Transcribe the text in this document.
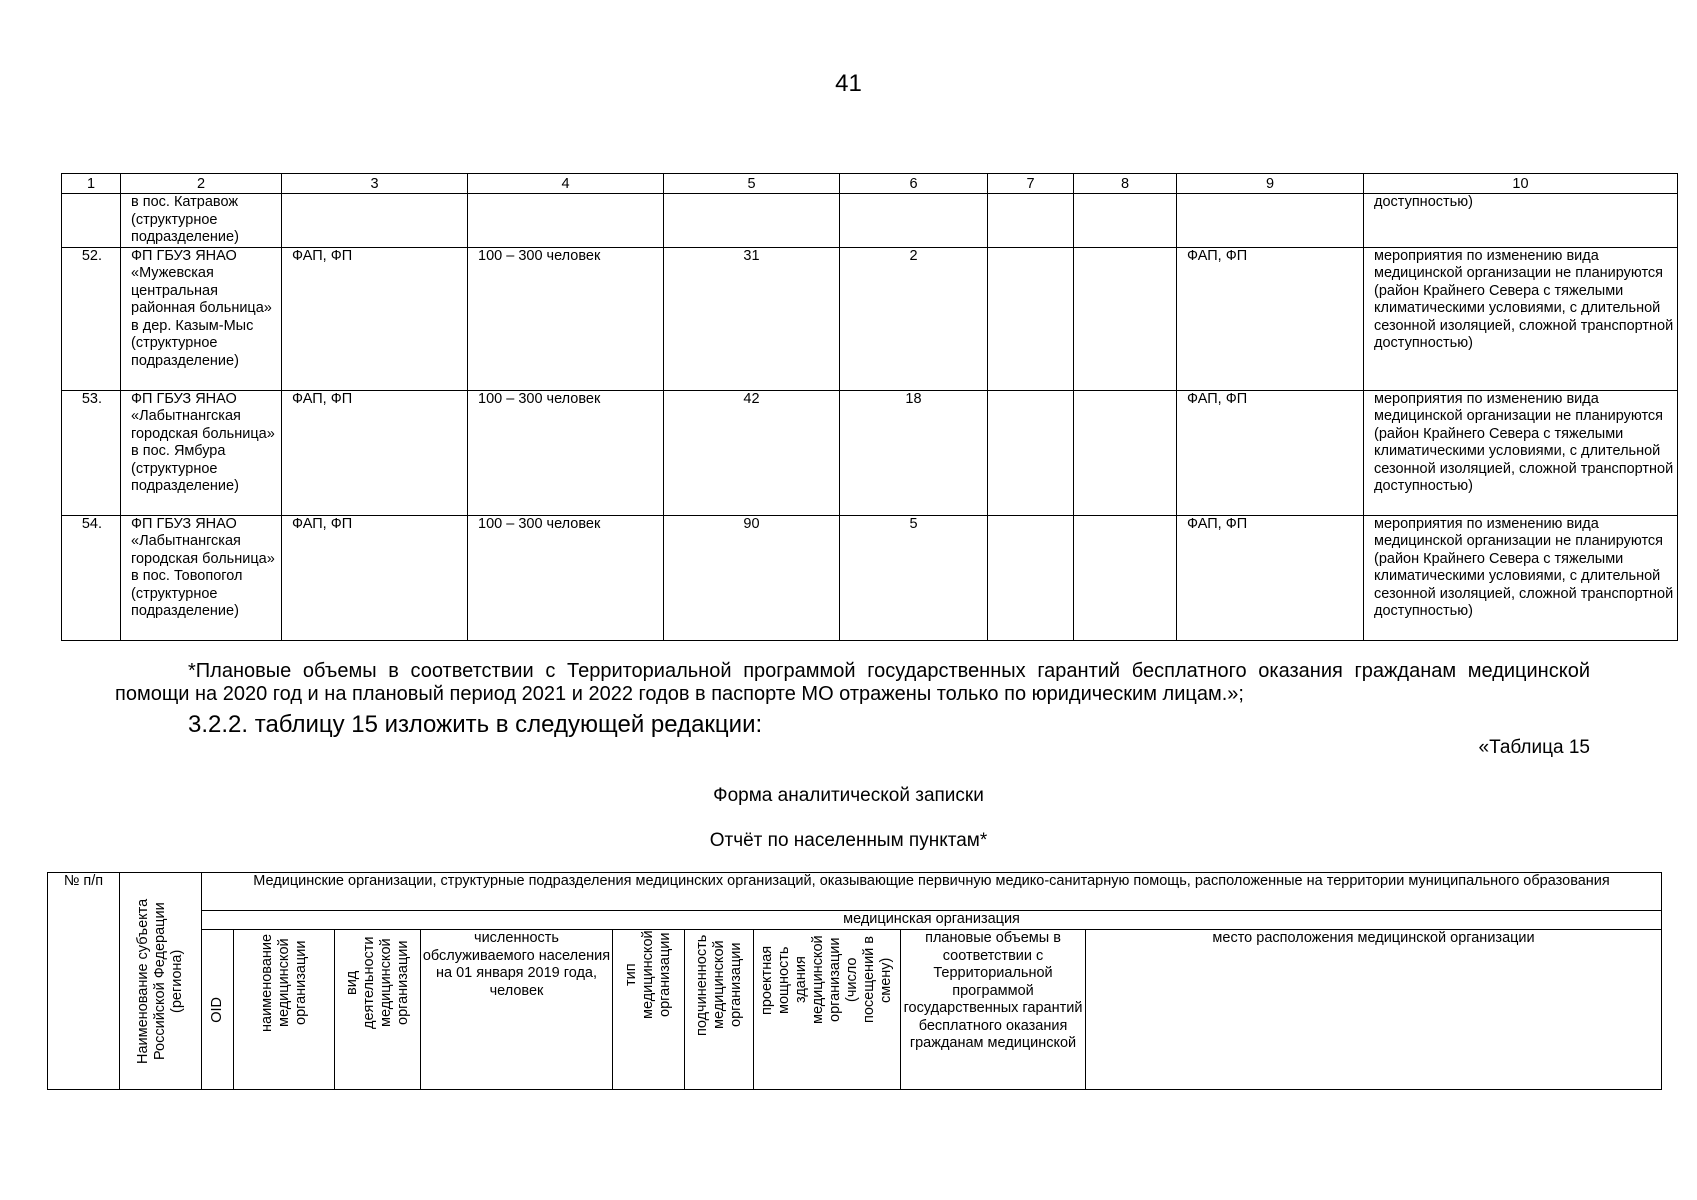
41
1	2	3	4	5	6	7	8	9	10
	в пос. Катравож (структурное подразделение)								доступностью)
52.	ФП ГБУЗ ЯНАО «Мужевская центральная районная больница» в дер. Казым-Мыс (структурное подразделение)	ФАП, ФП	100 – 300 человек	31	2			ФАП, ФП	мероприятия по изменению вида медицинской организации не планируются (район Крайнего Севера с тяжелыми климатическими условиями, с длительной сезонной изоляцией, сложной транспортной доступностью)
53.	ФП ГБУЗ ЯНАО «Лабытнангская городская больница» в пос. Ямбура (структурное подразделение)	ФАП, ФП	100 – 300 человек	42	18			ФАП, ФП	мероприятия по изменению вида медицинской организации не планируются (район Крайнего Севера с тяжелыми климатическими условиями, с длительной сезонной изоляцией, сложной транспортной доступностью)
54.	ФП ГБУЗ ЯНАО «Лабытнангская городская больница» в пос. Товопогол (структурное подразделение)	ФАП, ФП	100 – 300 человек	90	5			ФАП, ФП	мероприятия по изменению вида медицинской организации не планируются (район Крайнего Севера с тяжелыми климатическими условиями, с длительной сезонной изоляцией, сложной транспортной доступностью)
*Плановые объемы в соответствии с Территориальной программой государственных гарантий бесплатного оказания гражданам медицинской помощи на 2020 год и на плановый период 2021 и 2022 годов в паспорте МО отражены только по юридическим лицам.»;
3.2.2. таблицу 15 изложить в следующей редакции:
«Таблица 15
Форма аналитической записки
Отчёт по населенным пунктам*
№ п/п	Наименование субъекта Российской Федерации (региона)	Медицинские организации, структурные подразделения медицинских организаций, оказывающие первичную медико-санитарную помощь, расположенные на территории муниципального образования								
		медицинская организация								

		OID	наименование медицинской организации	вид деятельности медицинской организации	численность обслуживаемого населения на 01 января 2019 года, человек	тип медицинской организации	подчиненность медицинской организации	проектная мощность здания медицинской организации (число посещений в смену)	плановые объемы в соответствии с Территориальной программой государственных гарантий бесплатного оказания гражданам медицинской	место расположения медицинской организации
